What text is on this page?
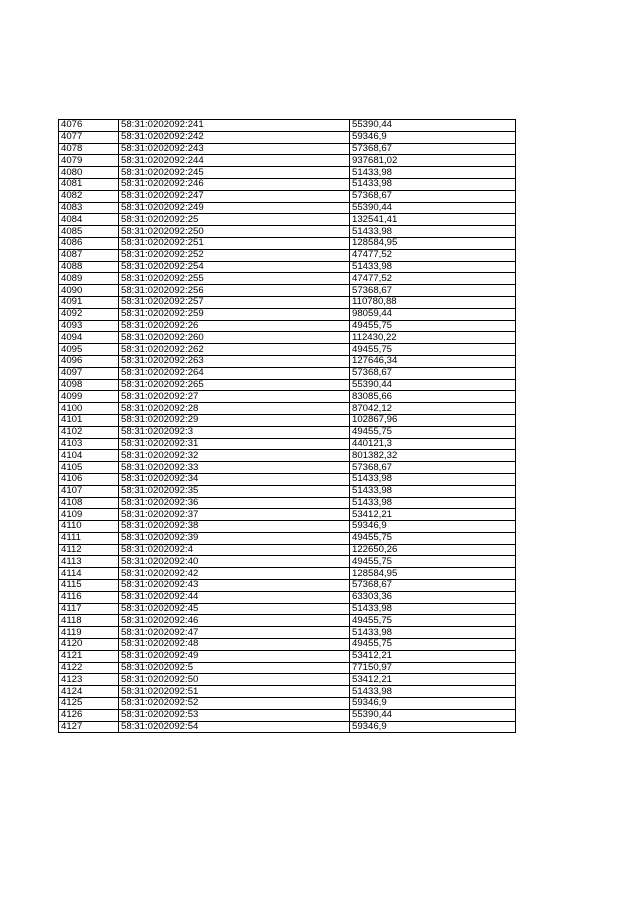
4076	58:31:0202092:241	55390,44
4077	58:31:0202092:242	59346,9
4078	58:31:0202092:243	57368,67
4079	58:31:0202092:244	937681,02
4080	58:31:0202092:245	51433,98
4081	58:31:0202092:246	51433,98
4082	58:31:0202092:247	57368,67
4083	58:31:0202092:249	55390,44
4084	58:31:0202092:25	132541,41
4085	58:31:0202092:250	51433,98
4086	58:31:0202092:251	128584,95
4087	58:31:0202092:252	47477,52
4088	58:31:0202092:254	51433,98
4089	58:31:0202092:255	47477,52
4090	58:31:0202092:256	57368,67
4091	58:31:0202092:257	110780,88
4092	58:31:0202092:259	98059,44
4093	58:31:0202092:26	49455,75
4094	58:31:0202092:260	112430,22
4095	58:31:0202092:262	49455,75
4096	58:31:0202092:263	127646,34
4097	58:31:0202092:264	57368,67
4098	58:31:0202092:265	55390,44
4099	58:31:0202092:27	83085,66
4100	58:31:0202092:28	87042,12
4101	58:31:0202092:29	102867,96
4102	58:31:0202092:3	49455,75
4103	58:31:0202092:31	440121,3
4104	58:31:0202092:32	801382,32
4105	58:31:0202092:33	57368,67
4106	58:31:0202092:34	51433,98
4107	58:31:0202092:35	51433,98
4108	58:31:0202092:36	51433,98
4109	58:31:0202092:37	53412,21
4110	58:31:0202092:38	59346,9
4111	58:31:0202092:39	49455,75
4112	58:31:0202092:4	122650,26
4113	58:31:0202092:40	49455,75
4114	58:31:0202092:42	128584,95
4115	58:31:0202092:43	57368,67
4116	58:31:0202092:44	63303,36
4117	58:31:0202092:45	51433,98
4118	58:31:0202092:46	49455,75
4119	58:31:0202092:47	51433,98
4120	58:31:0202092:48	49455,75
4121	58:31:0202092:49	53412,21
4122	58:31:0202092:5	77150,97
4123	58:31:0202092:50	53412,21
4124	58:31:0202092:51	51433,98
4125	58:31:0202092:52	59346,9
4126	58:31:0202092:53	55390,44
4127	58:31:0202092:54	59346,9
